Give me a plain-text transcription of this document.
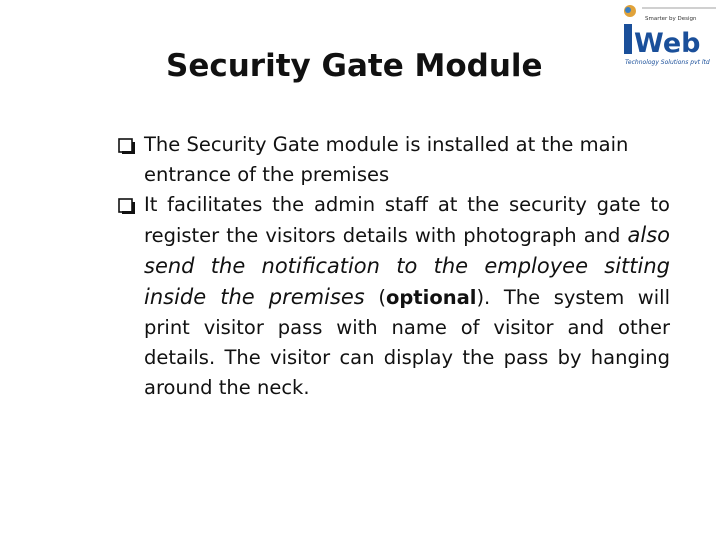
Security Gate Module
Smarter by Design
Web
Technology Solutions pvt ltd
The Security Gate module is installed at the main entrance of the premises
It facilitates the admin staff at the security gate to register the visitors details with photograph and also send the notification to the employee sitting inside the premises (optional). The system will print visitor pass with name of visitor and other details. The visitor can display the pass by hanging around the neck.
